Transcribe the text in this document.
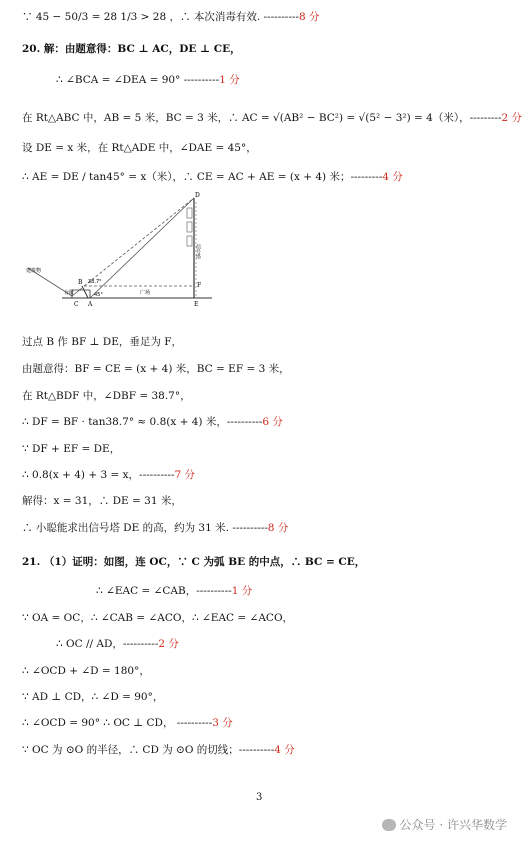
∵ 45 − 50/3 = 28 1/3 > 28 ，∴ 本次消毒有效. ----------8 分
20. 解：由题意得：BC ⊥ AC，DE ⊥ CE，
∴ ∠BCA = ∠DEA = 90° ----------1 分
在 Rt△ABC 中，AB = 5 米，BC = 3 米，∴ AC = √(AB² − BC²) = √(5² − 3²) = 4（米），---------2 分
设 DE = x 米，在 Rt△ADE 中，∠DAE = 45°，
∴ AE = DE / tan45° = x（米），∴ CE = AC + AE = (x + 4) 米；---------4 分
D
F
B
C A	E
38.7°
45°
建筑物
台阶	广场
信号塔
过点 B 作 BF ⊥ DE，垂足为 F，
由题意得：BF = CE = (x + 4) 米，BC = EF = 3 米，
在 Rt△BDF 中，∠DBF = 38.7°，
∴ DF = BF · tan38.7° ≈ 0.8(x + 4) 米，----------6 分
∵ DF + EF = DE，
∴ 0.8(x + 4) + 3 = x，----------7 分
解得：x = 31，∴ DE = 31 米，
∴ 小聪能求出信号塔 DE 的高，约为 31 米. ----------8 分
21. （1）证明：如图，连 OC，∵ C 为弧 BE 的中点，∴ BC = CE，
∴ ∠EAC = ∠CAB，----------1 分
∵ OA = OC，∴ ∠CAB = ∠ACO，∴ ∠EAC = ∠ACO，
∴ OC // AD，----------2 分
∴ ∠OCD + ∠D = 180°，
∵ AD ⊥ CD，∴ ∠D = 90°，
∴ ∠OCD = 90° ∴ OC ⊥ CD， ----------3 分
∵ OC 为 ⊙O 的半径，∴ CD 为 ⊙O 的切线；----------4 分
3
公众号 · 许兴华数学
